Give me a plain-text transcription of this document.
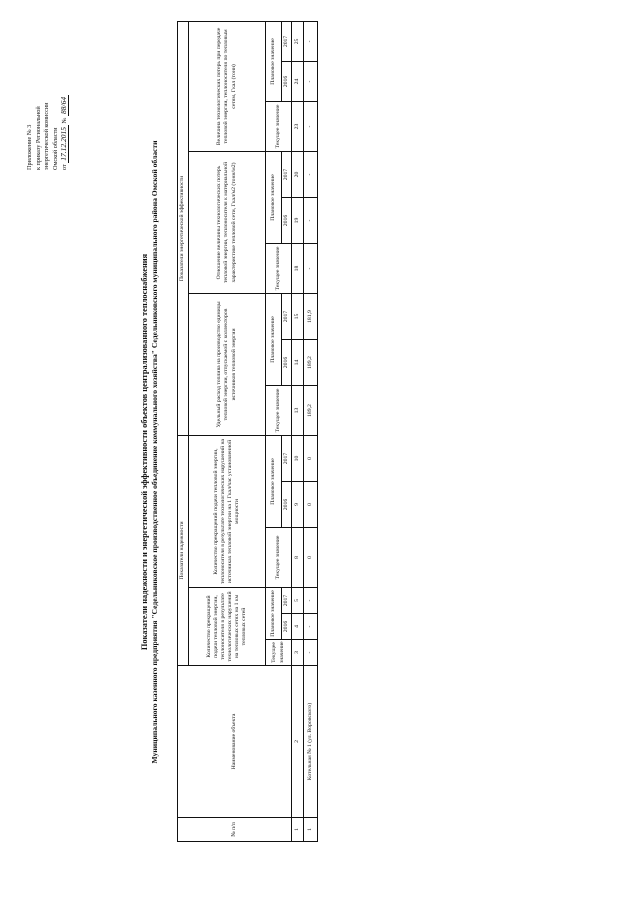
Приложение № 3 к приказу Региональной энергетической комиссии Омской области от 17.12.2015 № 88/64
Показатели надежности и энергетической эффективности объектов централизованного теплоснабжения Муниципального казенного предприятия "Седельниковское производственное объединение коммунального хозяйства" Седельниковского муниципального района Омской области
№ п/п	Наименование объекта	Показатели надежности						Показатели энергетической эффективности								
		Количество прекращений подачи тепловой энергии, теплоносителя в результате технологических нарушений на тепловых сетях на 1 км тепловых сетей			Количество прекращений подачи тепловой энергии, теплоносителя в результате технологических нарушений на источниках тепловой энергии на 1 Гкал/час установленной мощности			Удельный расход топлива на производство единицы тепловой энергии, отпускаемой с коллекторов источников тепловой энергии			Отношение величины технологических потерь тепловой энергии, теплоносителя к материальной характеристике тепловой сети, Гкал/м2 (тонн/м2)			Величина технологических потерь при передаче тепловой энергии, теплоносителя по тепловым сетям, Гкал (тонн)		
		Текущее значение	Плановое значение		Текущее значение	Плановое значение		Текущее значение	Плановое значение		Текущее значение	Плановое значение		Текущее значение	Плановое значение	
			2016	2017		2016	2017		2016	2017		2016	2017		2016	2017
1	2	3	4	5	8	9	10	13	14	15	18	19	20	23	24	25
1	Котельная № 1 (ул. Воровского)	-	-	-	0	0	0	189,2	189,2	181,9	-	-	-	-	-	-
